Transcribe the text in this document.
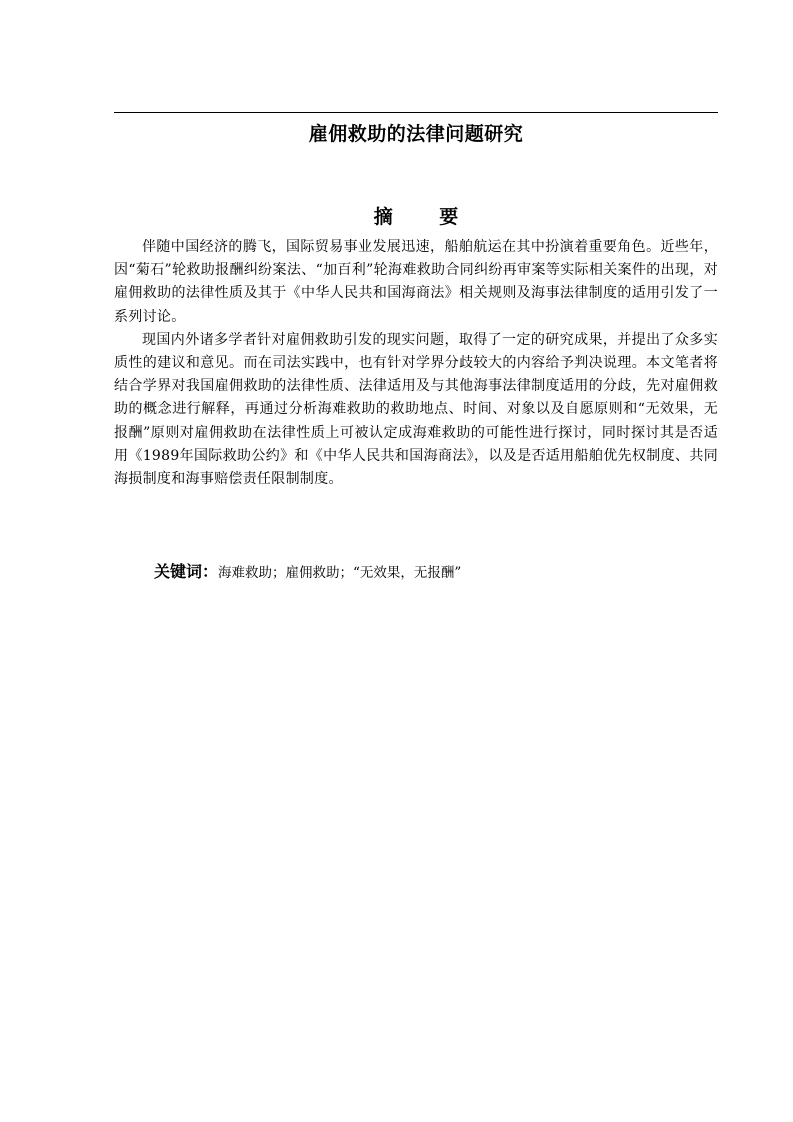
雇佣救助的法律问题研究
摘 要

伴随中国经济的腾飞，国际贸易事业发展迅速，船舶航运在其中扮演着重要角色。近些年，因“菊石”轮救助报酬纠纷案法、“加百利”轮海难救助合同纠纷再审案等实际相关案件的出现，对雇佣救助的法律性质及其于《中华人民共和国海商法》相关规则及海事法律制度的适用引发了一系列讨论。

现国内外诸多学者针对雇佣救助引发的现实问题，取得了一定的研究成果，并提出了众多实质性的建议和意见。而在司法实践中，也有针对学界分歧较大的内容给予判决说理。本文笔者将结合学界对我国雇佣救助的法律性质、法律适用及与其他海事法律制度适用的分歧，先对雇佣救助的概念进行解释，再通过分析海难救助的救助地点、时间、对象以及自愿原则和“无效果，无报酬”原则对雇佣救助在法律性质上可被认定成海难救助的可能性进行探讨，同时探讨其是否适用《1989年国际救助公约》和《中华人民共和国海商法》，以及是否适用船舶优先权制度、共同海损制度和海事赔偿责任限制制度。

关键词：海难救助；雇佣救助；“无效果，无报酬”
